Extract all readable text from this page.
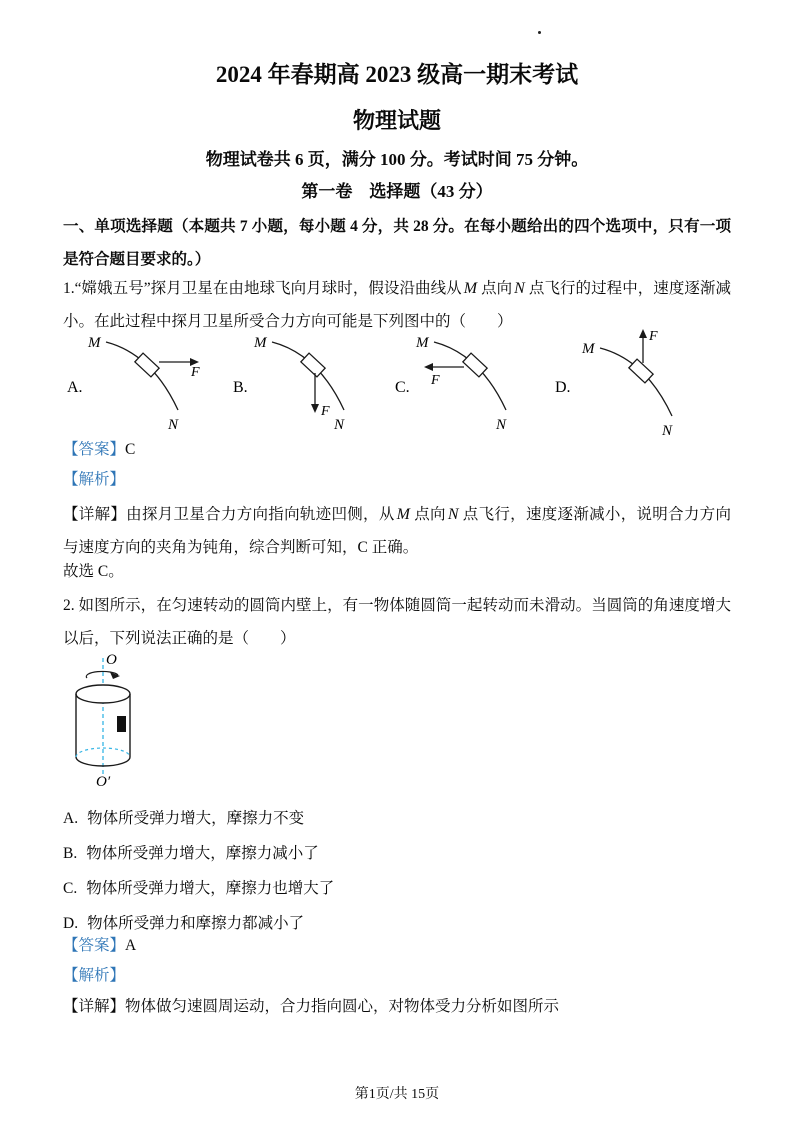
2024 年春期高 2023 级高一期末考试
物理试题
物理试卷共 6 页，满分 100 分。考试时间 75 分钟。
第一卷　选择题（43 分）
一、单项选择题（本题共 7 小题，每小题 4 分，共 28 分。在每小题给出的四个选项中，只有一项是符合题目要求的。）
1.“嫦娥五号”探月卫星在由地球飞向月球时，假设沿曲线从 M 点向 N 点飞行的过程中，速度逐渐减小。在此过程中探月卫星所受合力方向可能是下列图中的（　　）
A.
M
N
F
B.
M
N
F
C.
M
N
F	D.
M
N
F
【答案】C
【解析】
【详解】由探月卫星合力方向指向轨迹凹侧，从 M 点向 N 点飞行，速度逐渐减小，说明合力方向与速度方向的夹角为钝角，综合判断可知，C 正确。
故选 C。
2. 如图所示，在匀速转动的圆筒内壁上，有一物体随圆筒一起转动而未滑动。当圆筒的角速度增大以后，下列说法正确的是（　　）
O
O′
A. 物体所受弹力增大，摩擦力不变
B. 物体所受弹力增大，摩擦力减小了
C. 物体所受弹力增大，摩擦力也增大了
D. 物体所受弹力和摩擦力都减小了
【答案】A
【解析】
【详解】物体做匀速圆周运动，合力指向圆心，对物体受力分析如图所示
第1页/共 15页
